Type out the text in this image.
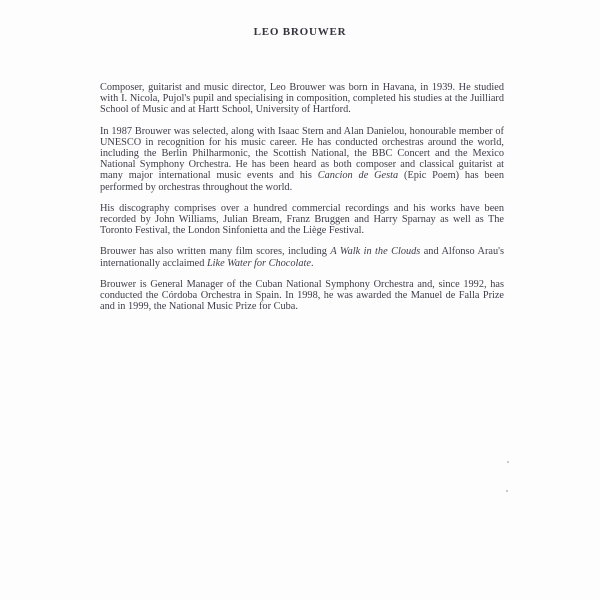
LEO BROUWER

Composer, guitarist and music director, Leo Brouwer was born in Havana, in 1939. He studied with I. Nicola, Pujol's pupil and specialising in composition, completed his studies at the Juilliard School of Music and at Hartt School, University of Hartford.

In 1987 Brouwer was selected, along with Isaac Stern and Alan Danielou, honourable member of UNESCO in recognition for his music career. He has conducted orchestras around the world, including the Berlin Philharmonic, the Scottish National, the BBC Concert and the Mexico National Symphony Orchestra. He has been heard as both composer and classical guitarist at many major international music events and his Cancion de Gesta (Epic Poem) has been performed by orchestras throughout the world.

His discography comprises over a hundred commercial recordings and his works have been recorded by John Williams, Julian Bream, Franz Bruggen and Harry Sparnay as well as The Toronto Festival, the London Sinfonietta and the Liège Festival.

Brouwer has also written many film scores, including A Walk in the Clouds and Alfonso Arau's internationally acclaimed Like Water for Chocolate.

Brouwer is General Manager of the Cuban National Symphony Orchestra and, since 1992, has conducted the Córdoba Orchestra in Spain. In 1998, he was awarded the Manuel de Falla Prize and in 1999, the National Music Prize for Cuba.
